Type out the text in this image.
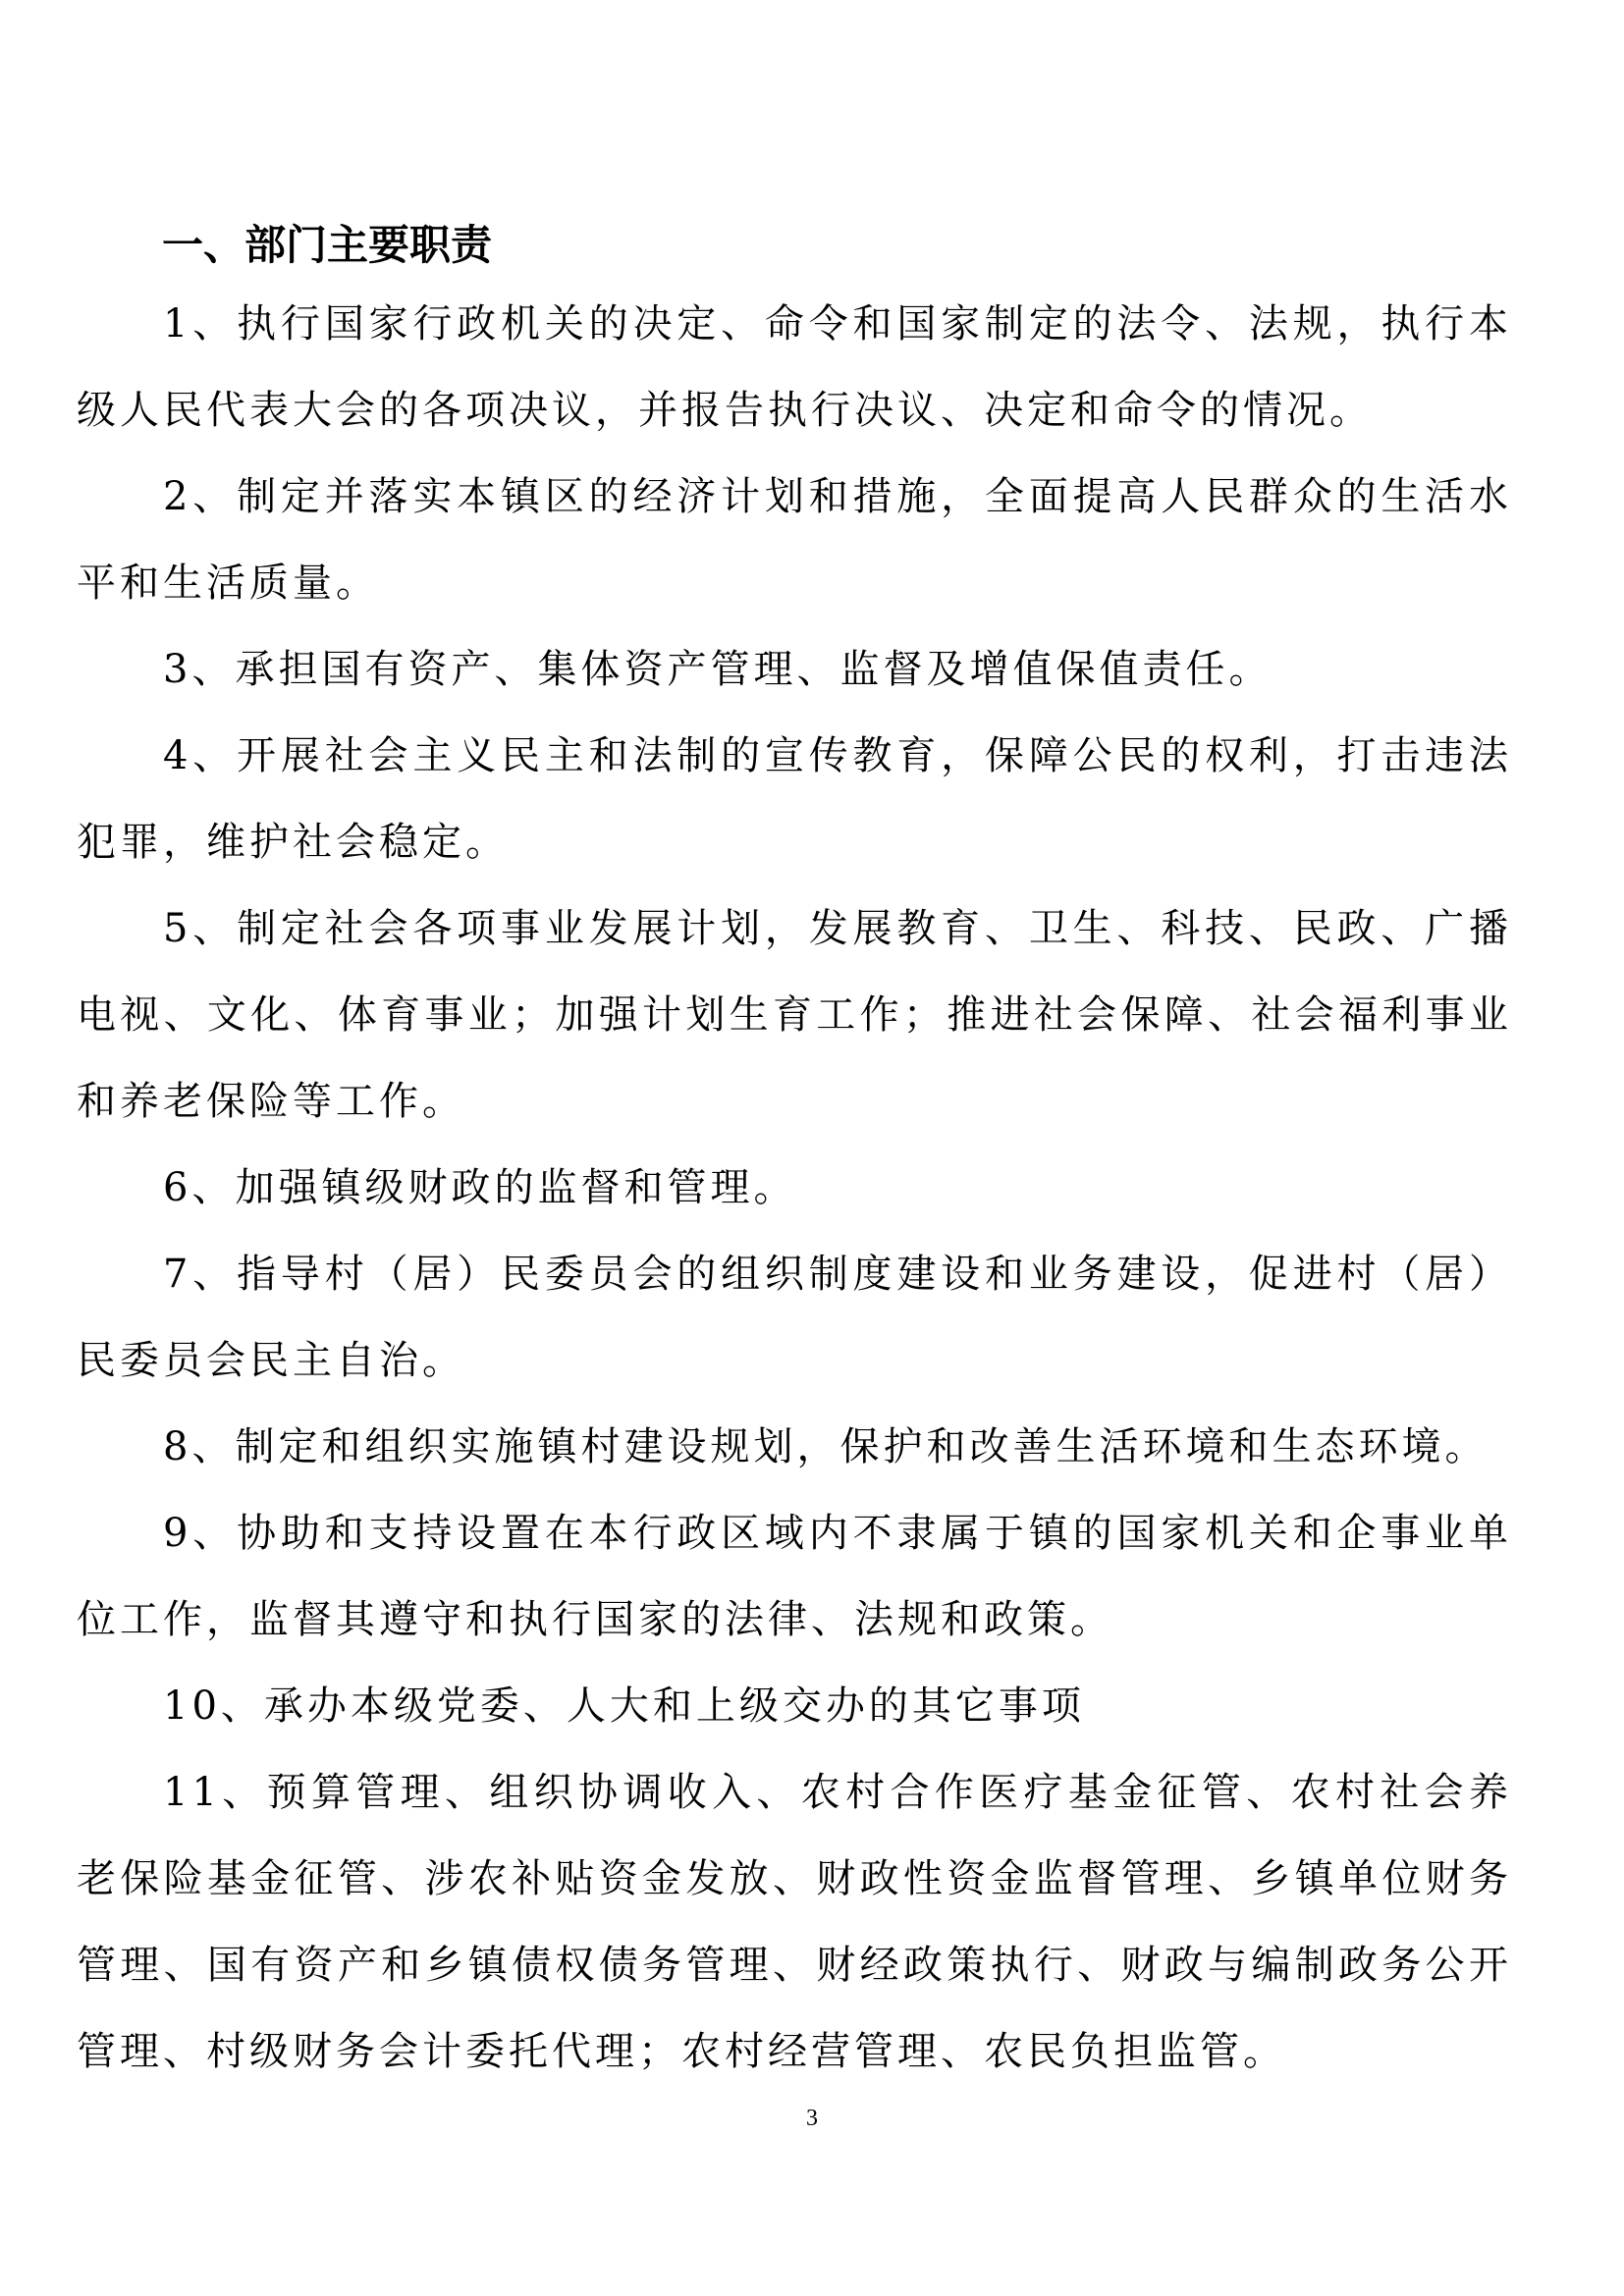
一、部门主要职责

1、执行国家行政机关的决定、命令和国家制定的法令、法规，执行本级人民代表大会的各项决议，并报告执行决议、决定和命令的情况。

2、制定并落实本镇区的经济计划和措施，全面提高人民群众的生活水平和生活质量。

3、承担国有资产、集体资产管理、监督及增值保值责任。

4、开展社会主义民主和法制的宣传教育，保障公民的权利，打击违法犯罪，维护社会稳定。

5、制定社会各项事业发展计划，发展教育、卫生、科技、民政、广播电视、文化、体育事业；加强计划生育工作；推进社会保障、社会福利事业和养老保险等工作。

6、加强镇级财政的监督和管理。

7、指导村（居）民委员会的组织制度建设和业务建设，促进村（居）民委员会民主自治。

8、制定和组织实施镇村建设规划，保护和改善生活环境和生态环境。

9、协助和支持设置在本行政区域内不隶属于镇的国家机关和企事业单位工作，监督其遵守和执行国家的法律、法规和政策。

10、承办本级党委、人大和上级交办的其它事项

11、预算管理、组织协调收入、农村合作医疗基金征管、农村社会养老保险基金征管、涉农补贴资金发放、财政性资金监督管理、乡镇单位财务管理、国有资产和乡镇债权债务管理、财经政策执行、财政与编制政务公开管理、村级财务会计委托代理；农村经营管理、农民负担监管。

3
